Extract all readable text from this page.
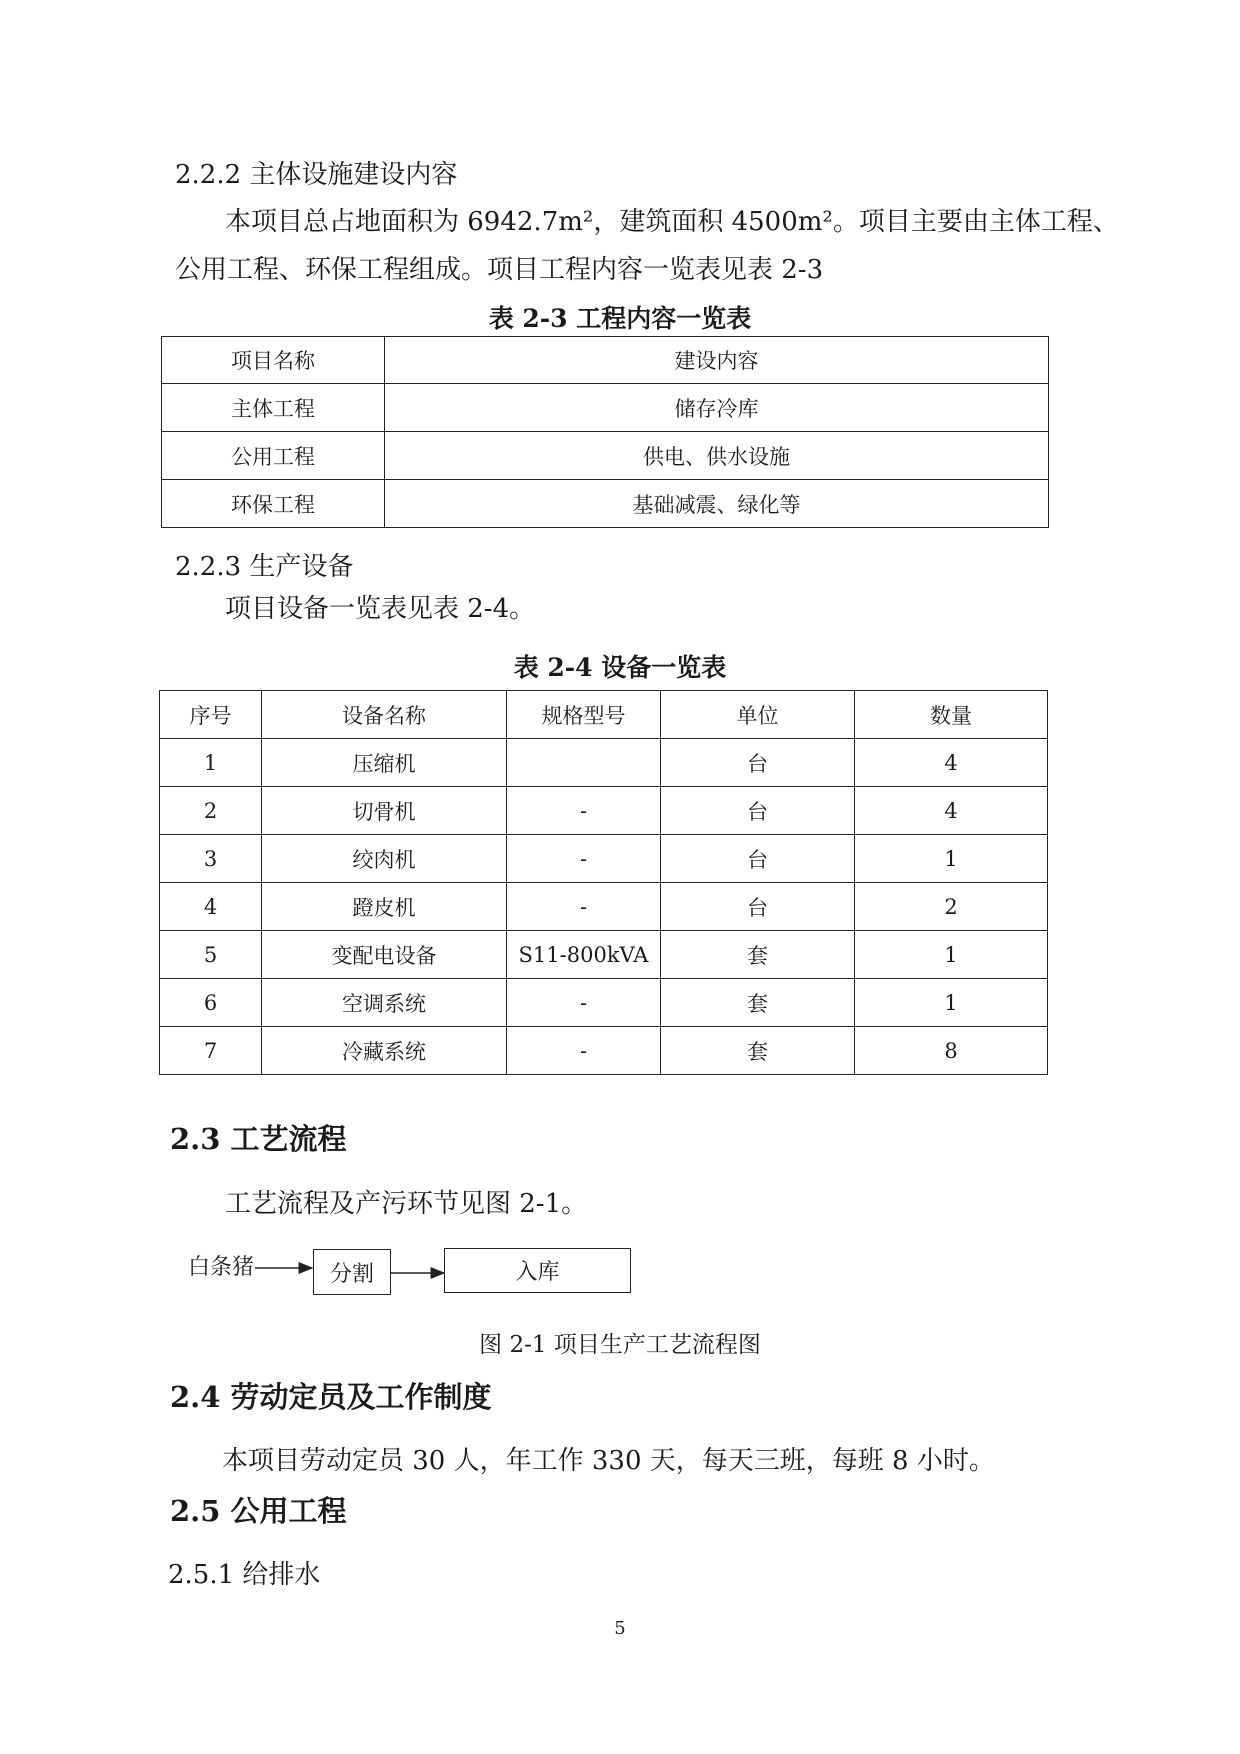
2.2.2 主体设施建设内容
本项目总占地面积为 6942.7m²，建筑面积 4500m²。项目主要由主体工程、
公用工程、环保工程组成。项目工程内容一览表见表 2-3
表 2-3 工程内容一览表
项目名称	建设内容
主体工程	储存冷库
公用工程	供电、供水设施
环保工程	基础减震、绿化等
2.2.3 生产设备
项目设备一览表见表 2-4。
表 2-4 设备一览表
序号	设备名称	规格型号	单位	数量
1	压缩机		台	4
2	切骨机	-	台	4
3	绞肉机	-	台	1
4	蹬皮机	-	台	2
5	变配电设备	S11-800kVA	套	1
6	空调系统	-	套	1
7	冷藏系统	-	套	8
2.3 工艺流程
工艺流程及产污环节见图 2-1。
白条猪	分割	入库
图 2-1 项目生产工艺流程图
2.4 劳动定员及工作制度
本项目劳动定员 30 人，年工作 330 天，每天三班，每班 8 小时。
2.5 公用工程
2.5.1 给排水
5
